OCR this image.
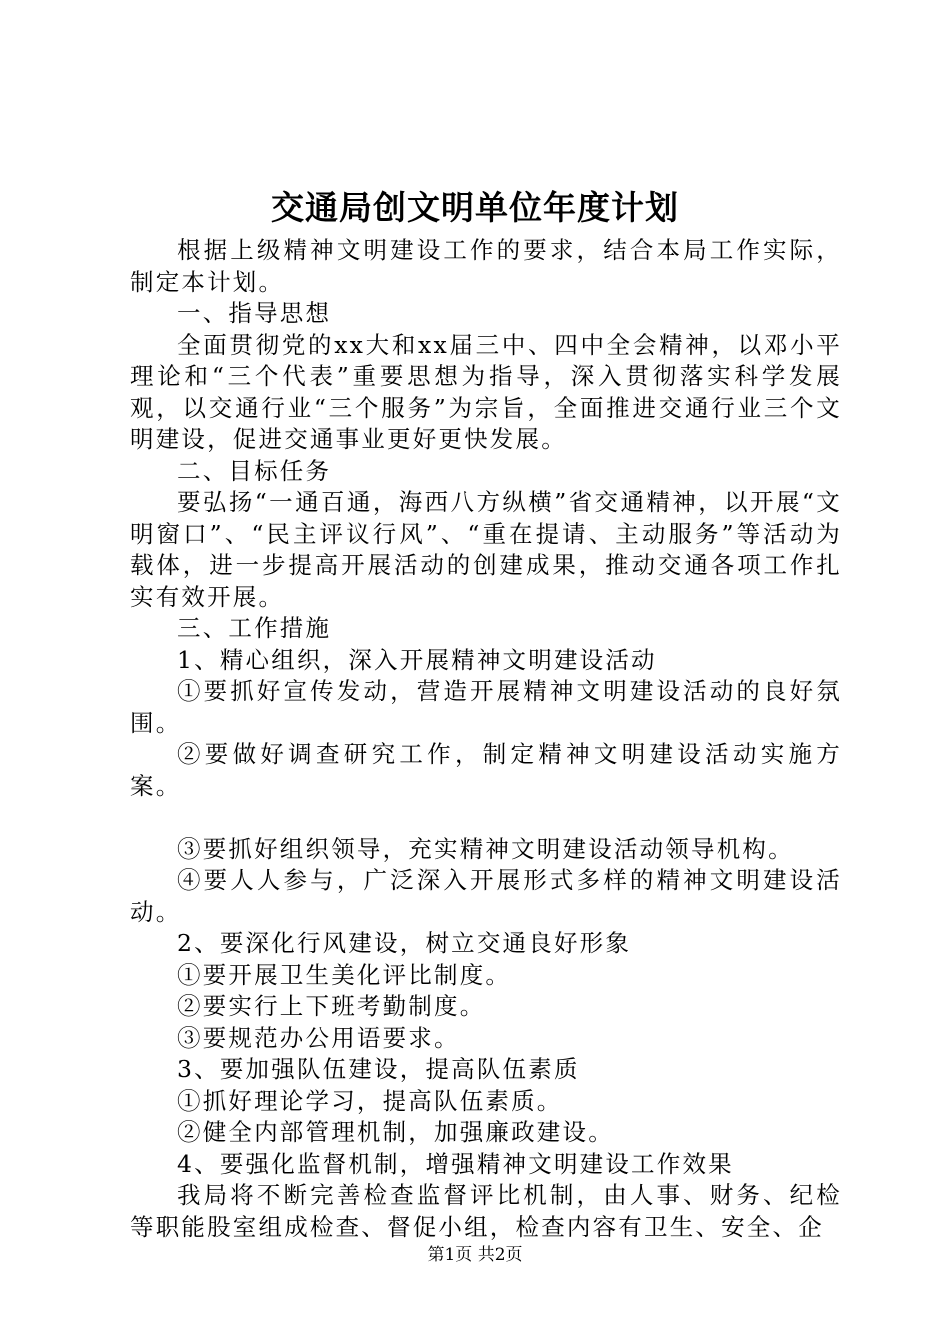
交通局创文明单位年度计划

根据上级精神文明建设工作的要求，结合本局工作实际，制定本计划。

一、指导思想

全面贯彻党的xx大和xx届三中、四中全会精神，以邓小平理论和“三个代表”重要思想为指导，深入贯彻落实科学发展观，以交通行业“三个服务”为宗旨，全面推进交通行业三个文明建设，促进交通事业更好更快发展。

二、目标任务

要弘扬“一通百通，海西八方纵横”省交通精神，以开展“文明窗口”、“民主评议行风”、“重在提请、主动服务”等活动为载体，进一步提高开展活动的创建成果，推动交通各项工作扎实有效开展。

三、工作措施

1、精心组织，深入开展精神文明建设活动

①要抓好宣传发动，营造开展精神文明建设活动的良好氛围。

②要做好调查研究工作，制定精神文明建设活动实施方案。

③要抓好组织领导，充实精神文明建设活动领导机构。

④要人人参与，广泛深入开展形式多样的精神文明建设活动。

2、要深化行风建设，树立交通良好形象

①要开展卫生美化评比制度。

②要实行上下班考勤制度。

③要规范办公用语要求。

3、要加强队伍建设，提高队伍素质

①抓好理论学习，提高队伍素质。

②健全内部管理机制，加强廉政建设。

4、要强化监督机制，增强精神文明建设工作效果

我局将不断完善检查监督评比机制，由人事、财务、纪检等职能股室组成检查、督促小组，检查内容有卫生、安全、企

第1页 共2页
